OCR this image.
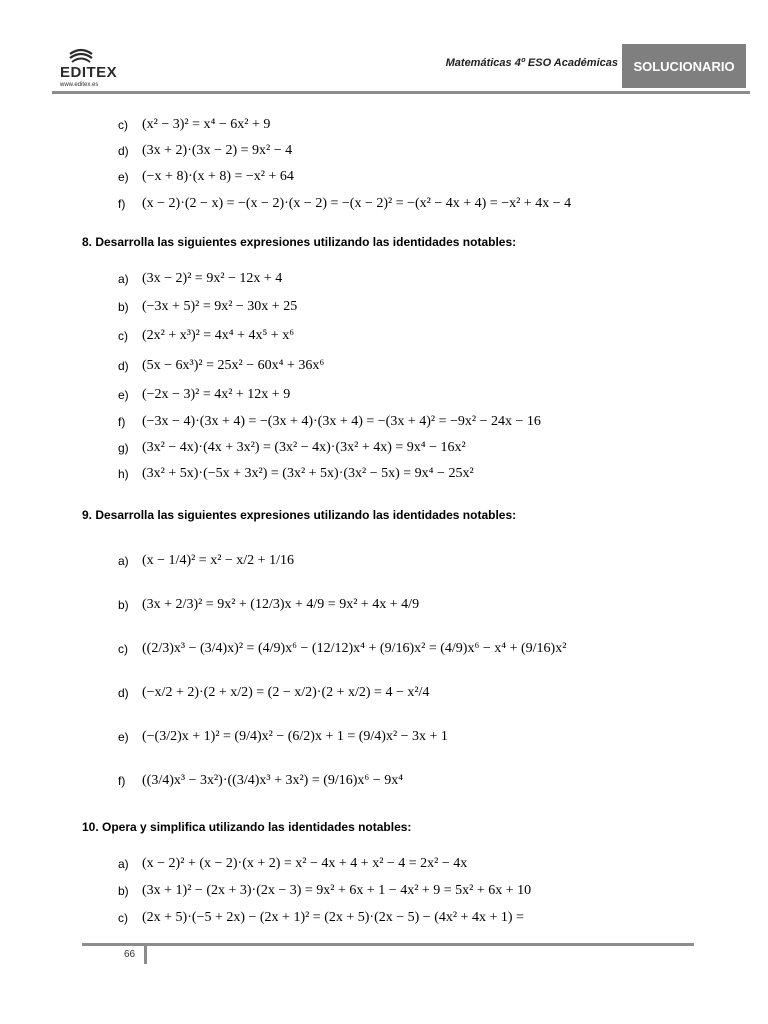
EDITEX
www.editex.es
Matemáticas 4º ESO Académicas SOLUCIONARIO
c)	(x² − 3)² = x⁴ − 6x² + 9
d) (3x + 2)·(3x − 2) = 9x² − 4
e) (−x + 8)·(x + 8) = −x² + 64
f)	(x − 2)·(2 − x) = −(x − 2)·(x − 2) = −(x − 2)² = −(x² − 4x + 4) = −x² + 4x − 4
8. Desarrolla las siguientes expresiones utilizando las identidades notables:
a) (3x − 2)² = 9x² − 12x + 4
b) (−3x + 5)² = 9x² − 30x + 25
c)	(2x² + x³)² = 4x⁴ + 4x⁵ + x⁶
d) (5x − 6x³)² = 25x² − 60x⁴ + 36x⁶
e) (−2x − 3)² = 4x² + 12x + 9
f)	(−3x − 4)·(3x + 4) = −(3x + 4)·(3x + 4) = −(3x + 4)² = −9x² − 24x − 16
g) (3x² − 4x)·(4x + 3x²) = (3x² − 4x)·(3x² + 4x) = 9x⁴ − 16x²
h) (3x² + 5x)·(−5x + 3x²) = (3x² + 5x)·(3x² − 5x) = 9x⁴ − 25x²
9. Desarrolla las siguientes expresiones utilizando las identidades notables:
a) (x − 1/4)² = x² − x/2 + 1/16
b) (3x + 2/3)² = 9x² + (12/3)x + 4/9 = 9x² + 4x + 4/9
c)	((2/3)x³ − (3/4)x)² = (4/9)x⁶ − (12/12)x⁴ + (9/16)x² = (4/9)x⁶ − x⁴ + (9/16)x²
d) (−x/2 + 2)·(2 + x/2) = (2 − x/2)·(2 + x/2) = 4 − x²/4
e) (−(3/2)x + 1)² = (9/4)x² − (6/2)x + 1 = (9/4)x² − 3x + 1
f)	((3/4)x³ − 3x²)·((3/4)x³ + 3x²) = (9/16)x⁶ − 9x⁴
10. Opera y simplifica utilizando las identidades notables:
a) (x − 2)² + (x − 2)·(x + 2) = x² − 4x + 4 + x² − 4 = 2x² − 4x
b) (3x + 1)² − (2x + 3)·(2x − 3) = 9x² + 6x + 1 − 4x² + 9 = 5x² + 6x + 10
c)	(2x + 5)·(−5 + 2x) − (2x + 1)² = (2x + 5)·(2x − 5) − (4x² + 4x + 1) =
66
